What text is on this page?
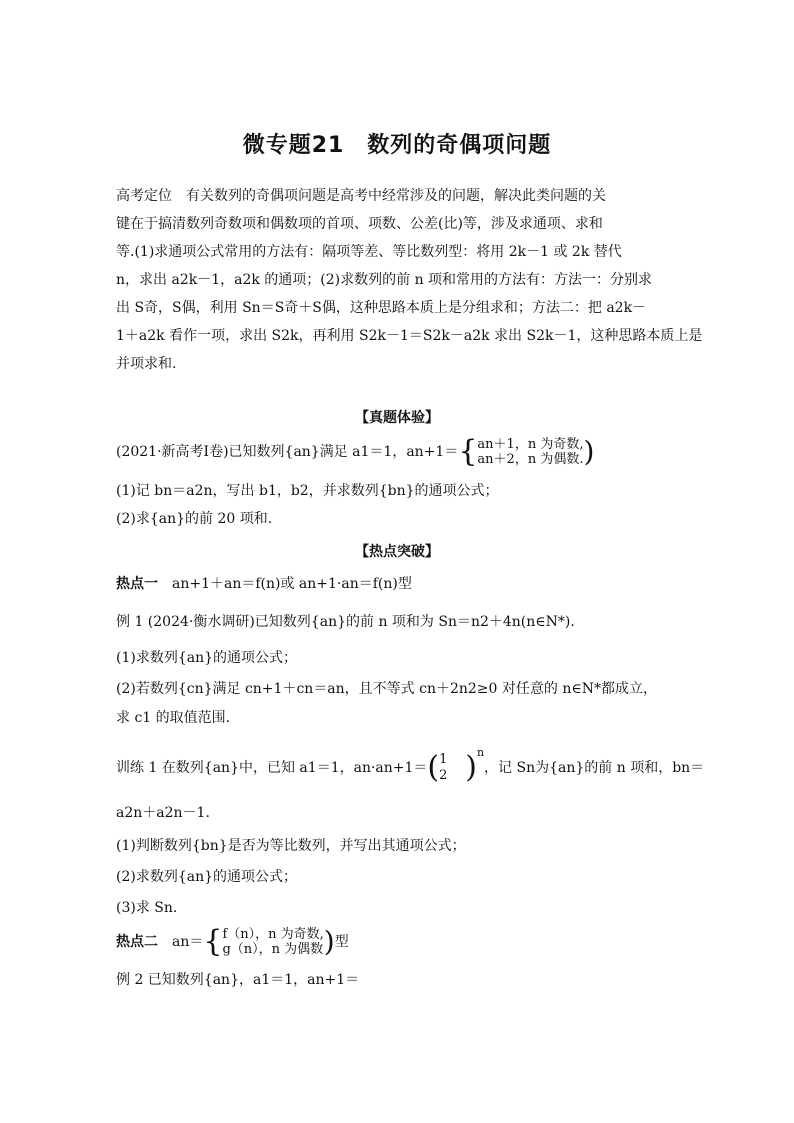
微专题21　数列的奇偶项问题
高考定位　有关数列的奇偶项问题是高考中经常涉及的问题，解决此类问题的关
键在于搞清数列奇数项和偶数项的首项、项数、公差(比)等，涉及求通项、求和
等.(1)求通项公式常用的方法有：隔项等差、等比数列型：将用 2k－1 或 2k 替代
n，求出 a2k－1，a2k 的通项；(2)求数列的前 n 项和常用的方法有：方法一：分别求
出 S奇，S偶，利用 Sn＝S奇＋S偶，这种思路本质上是分组求和；方法二：把 a2k－
1＋a2k 看作一项，求出 S2k，再利用 S2k－1＝S2k－a2k 求出 S2k－1，这种思路本质上是
并项求和.
【真题体验】
(2021·新高考Ⅰ卷)已知数列{an}满足 a1＝1，an+1＝{ an＋1，n 为奇数,
an＋2，n 为偶数. )
(1)记 bn＝a2n，写出 b1，b2，并求数列{bn}的通项公式；
(2)求{an}的前 20 项和.
【热点突破】
热点一　 an+1＋an＝f(n)或 an+1·an＝f(n)型
例 1 (2024·衡水调研)已知数列{an}的前 n 项和为 Sn＝n2＋4n(n∈N*).
(1)求数列{an}的通项公式；
(2)若数列{cn}满足 cn+1＋cn＝an，且不等式 cn＋2n2≥0 对任意的 n∈N*都成立，
求 c1 的取值范围.
训练 1 在数列{an}中，已知 a1＝1，an·an+1＝( 1
2 )$^n$，记 Sn为{an}的前 n 项和，bn＝
a2n＋a2n－1.
(1)判断数列{bn}是否为等比数列，并写出其通项公式；
(2)求数列{an}的通项公式；
(3)求 Sn.
热点二　 an＝{ f（n），n 为奇数,
g（n），n 为偶数 )型
例 2 已知数列{an}，a1＝1，an+1＝
